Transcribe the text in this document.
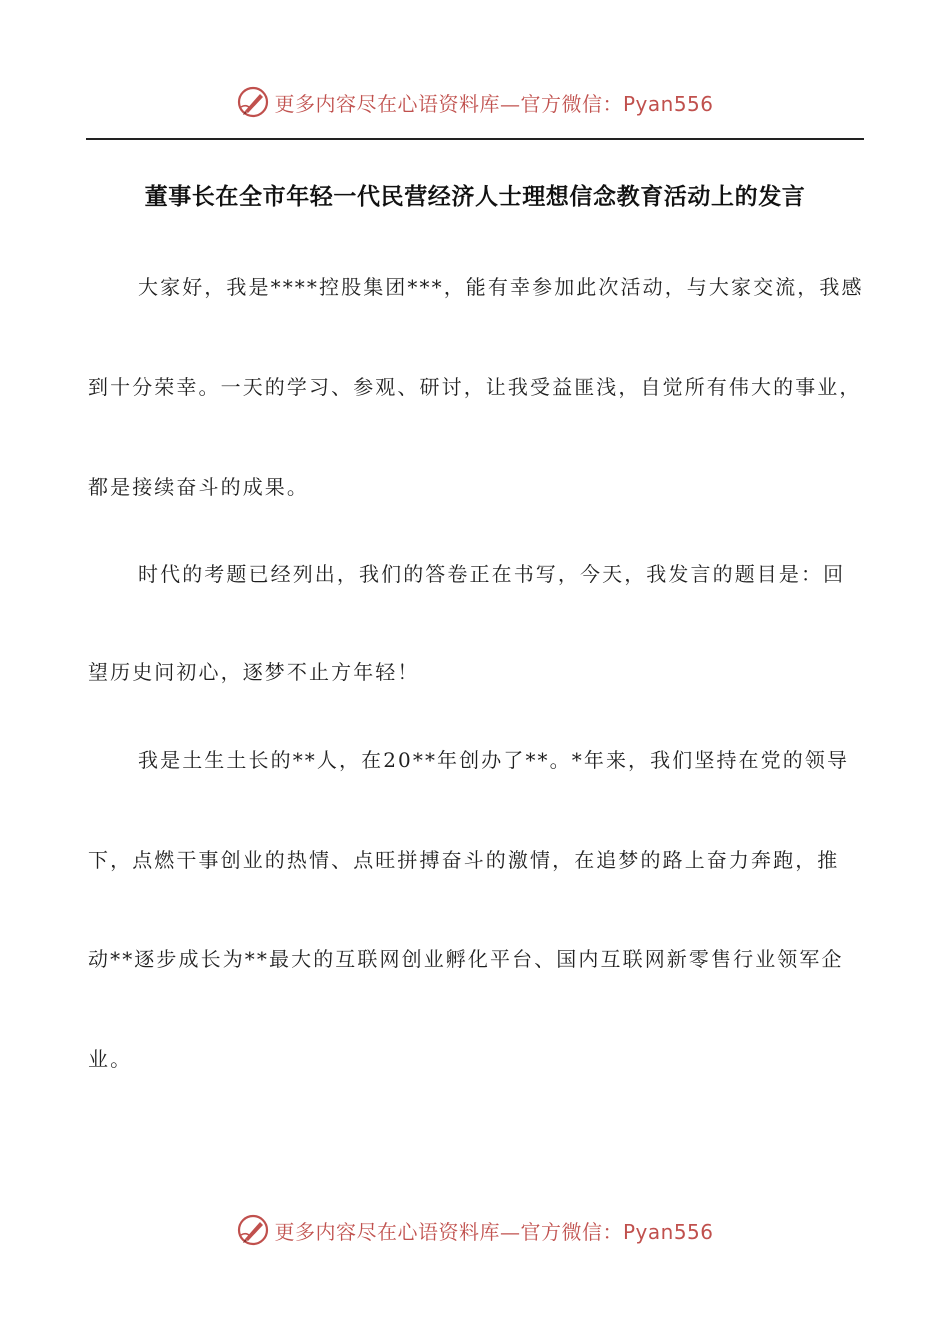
更多内容尽在心语资料库—官方微信：Pyan556
董事长在全市年轻一代民营经济人士理想信念教育活动上的发言
大家好，我是****控股集团***，能有幸参加此次活动，与大家交流，我感
到十分荣幸。一天的学习、参观、研讨，让我受益匪浅，自觉所有伟大的事业，
都是接续奋斗的成果。
时代的考题已经列出，我们的答卷正在书写，今天，我发言的题目是：回
望历史问初心，逐梦不止方年轻！
我是土生土长的**人，在20**年创办了**。*年来，我们坚持在党的领导
下，点燃干事创业的热情、点旺拼搏奋斗的激情，在追梦的路上奋力奔跑，推
动**逐步成长为**最大的互联网创业孵化平台、国内互联网新零售行业领军企
业。
更多内容尽在心语资料库—官方微信：Pyan556
